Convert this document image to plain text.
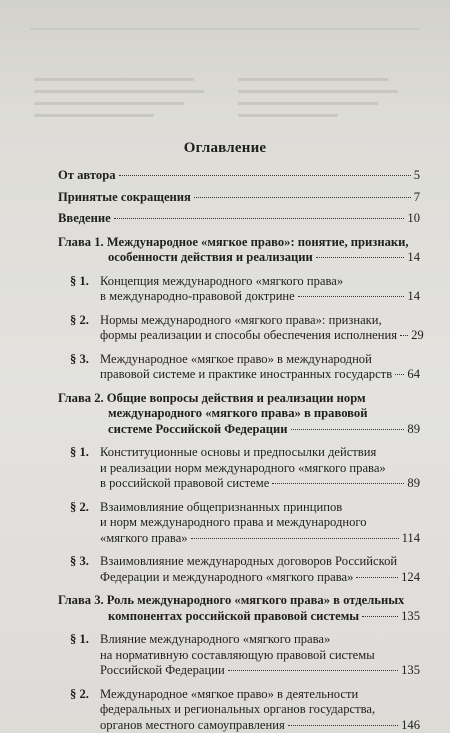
Оглавление
От автора	5
Принятые сокращения	7
Введение	10
Глава 1. Международное «мягкое право»: понятие, признаки,
особенности действия и реализации	14
§ 1. Концепция международного «мягкого права»
в международно-правовой доктрине	14
§ 2. Нормы международного «мягкого права»: признаки,
формы реализации и способы обеспечения исполнения 29
§ 3. Международное «мягкое право» в международной
правовой системе и практике иностранных государств 64
Глава 2. Общие вопросы действия и реализации норм
международного «мягкого права» в правовой
системе Российской Федерации	89
§ 1. Конституционные основы и предпосылки действия
и реализации норм международного «мягкого права»
в российской правовой системе	89
§ 2. Взаимовлияние общепризнанных принципов
и норм международного права и международного
«мягкого права»	114
§ 3. Взаимовлияние международных договоров Российской
Федерации и международного «мягкого права»	124
Глава 3. Роль международного «мягкого права» в отдельных
компонентах российской правовой системы	135
§ 1. Влияние международного «мягкого права»
на нормативную составляющую правовой системы
Российской Федерации	135
§ 2. Международное «мягкое право» в деятельности
федеральных и региональных органов государства,
органов местного самоуправления	146
